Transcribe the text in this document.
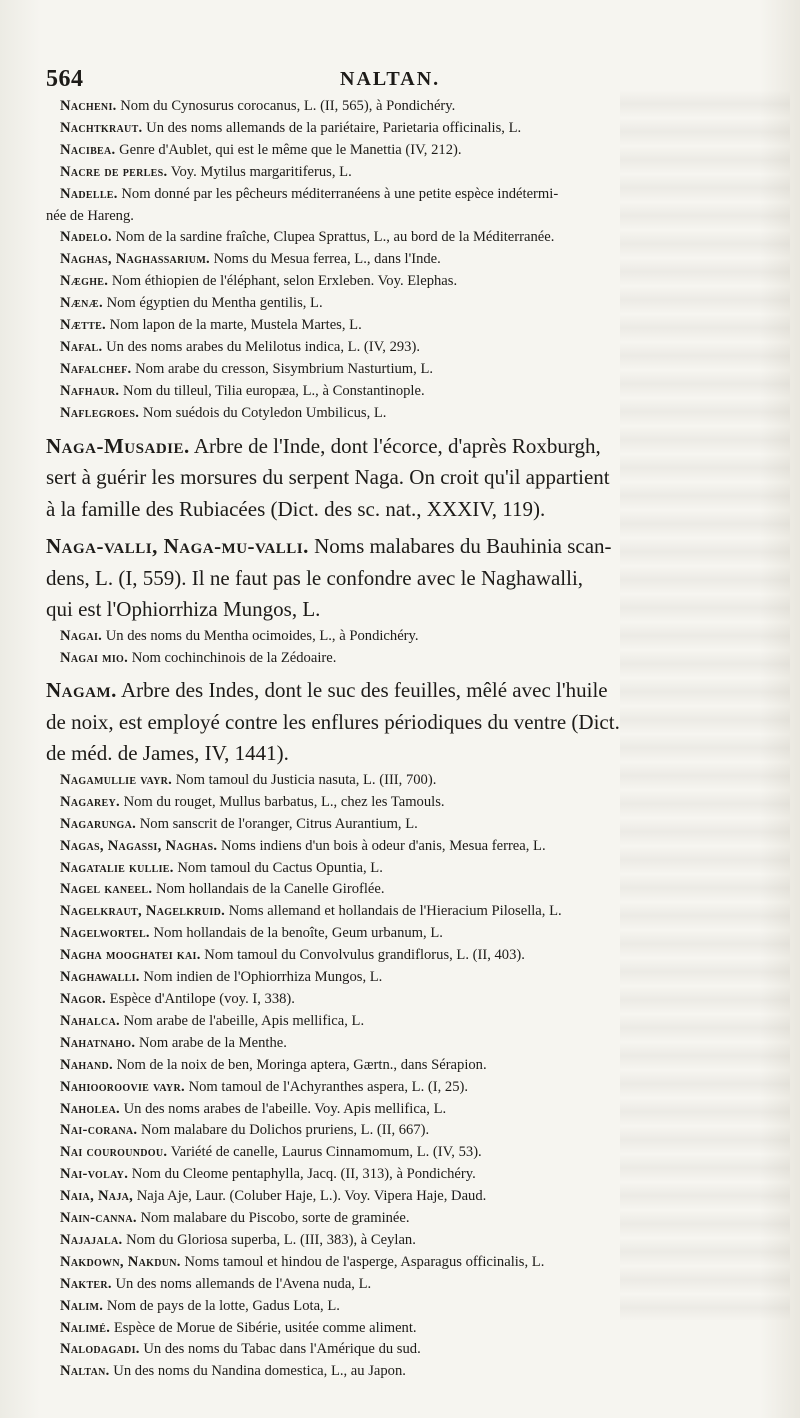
564	NALTAN.
Nacheni. Nom du Cynosurus corocanus, L. (II, 565), à Pondichéry.
Nachtkraut. Un des noms allemands de la pariétaire, Parietaria officinalis, L.
Nacibea. Genre d'Aublet, qui est le même que le Manettia (IV, 212).
Nacre de perles. Voy. Mytilus margaritiferus, L.
Nadelle. Nom donné par les pêcheurs méditerranéens à une petite espèce indétermi-
née de Hareng.
Nadelo. Nom de la sardine fraîche, Clupea Sprattus, L., au bord de la Méditerranée.
Naghas, Naghassarium. Noms du Mesua ferrea, L., dans l'Inde.
Næghe. Nom éthiopien de l'éléphant, selon Erxleben. Voy. Elephas.
Nænæ. Nom égyptien du Mentha gentilis, L.
Nætte. Nom lapon de la marte, Mustela Martes, L.
Nafal. Un des noms arabes du Melilotus indica, L. (IV, 293).
Nafalchef. Nom arabe du cresson, Sisymbrium Nasturtium, L.
Nafhaur. Nom du tilleul, Tilia europæa, L., à Constantinople.
Naflegroes. Nom suédois du Cotyledon Umbilicus, L.
Naga-Musadie. Arbre de l'Inde, dont l'écorce, d'après Roxburgh,
sert à guérir les morsures du serpent Naga. On croit qu'il appartient
à la famille des Rubiacées (Dict. des sc. nat., XXXIV, 119).
Naga-valli, Naga-mu-valli. Noms malabares du Bauhinia scan-
dens, L. (I, 559). Il ne faut pas le confondre avec le Naghawalli,
qui est l'Ophiorrhiza Mungos, L.
Nagai. Un des noms du Mentha ocimoides, L., à Pondichéry.
Nagai mio. Nom cochinchinois de la Zédoaire.
Nagam. Arbre des Indes, dont le suc des feuilles, mêlé avec l'huile
de noix, est employé contre les enflures périodiques du ventre (Dict.
de méd. de James, IV, 1441).
Nagamullie vayr. Nom tamoul du Justicia nasuta, L. (III, 700).
Nagarey. Nom du rouget, Mullus barbatus, L., chez les Tamouls.
Nagarunga. Nom sanscrit de l'oranger, Citrus Aurantium, L.
Nagas, Nagassi, Naghas. Noms indiens d'un bois à odeur d'anis, Mesua ferrea, L.
Nagatalie kullie. Nom tamoul du Cactus Opuntia, L.
Nagel kaneel. Nom hollandais de la Canelle Giroflée.
Nagelkraut, Nagelkruid. Noms allemand et hollandais de l'Hieracium Pilosella, L.
Nagelwortel. Nom hollandais de la benoîte, Geum urbanum, L.
Nagha mooghatei kai. Nom tamoul du Convolvulus grandiflorus, L. (II, 403).
Naghawalli. Nom indien de l'Ophiorrhiza Mungos, L.
Nagor. Espèce d'Antilope (voy. I, 338).
Nahalca. Nom arabe de l'abeille, Apis mellifica, L.
Nahatnaho. Nom arabe de la Menthe.
Nahand. Nom de la noix de ben, Moringa aptera, Gærtn., dans Sérapion.
Nahiooroovie vayr. Nom tamoul de l'Achyranthes aspera, L. (I, 25).
Naholea. Un des noms arabes de l'abeille. Voy. Apis mellifica, L.
Nai-corana. Nom malabare du Dolichos pruriens, L. (II, 667).
Nai couroundou. Variété de canelle, Laurus Cinnamomum, L. (IV, 53).
Nai-volay. Nom du Cleome pentaphylla, Jacq. (II, 313), à Pondichéry.
Naia, Naja, Naja Aje, Laur. (Coluber Haje, L.). Voy. Vipera Haje, Daud.
Nain-canna. Nom malabare du Piscobo, sorte de graminée.
Najajala. Nom du Gloriosa superba, L. (III, 383), à Ceylan.
Nakdown, Nakdun. Noms tamoul et hindou de l'asperge, Asparagus officinalis, L.
Nakter. Un des noms allemands de l'Avena nuda, L.
Nalim. Nom de pays de la lotte, Gadus Lota, L.
Nalimé. Espèce de Morue de Sibérie, usitée comme aliment.
Nalodagadi. Un des noms du Tabac dans l'Amérique du sud.
Naltan. Un des noms du Nandina domestica, L., au Japon.
